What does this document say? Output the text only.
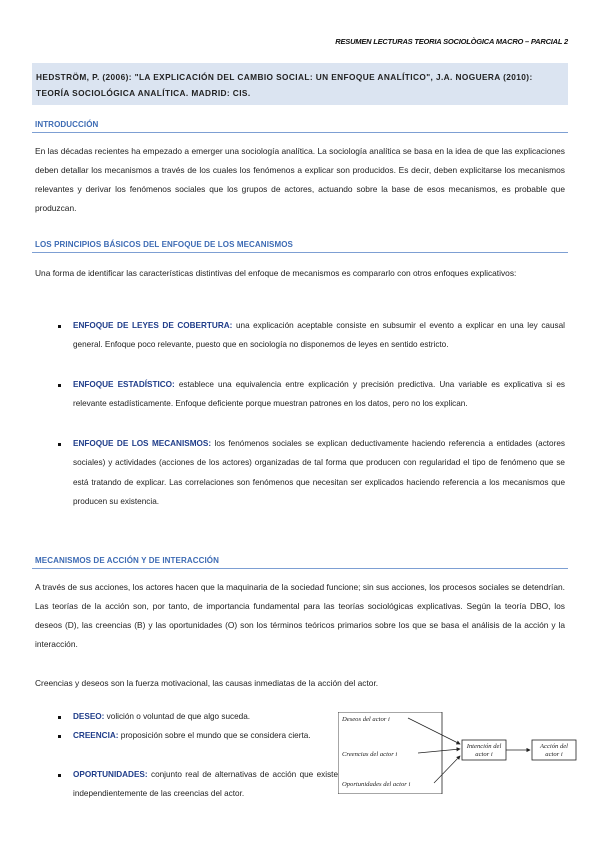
RESUMEN LECTURAS TEORIA SOCIOLÒGICA MACRO – PARCIAL 2
HEDSTRÖM, P. (2006): "LA EXPLICACIÓN DEL CAMBIO SOCIAL: UN ENFOQUE ANALÍTICO", J.A. NOGUERA (2010):
TEORÍA SOCIOLÓGICA ANALÍTICA. MADRID: CIS.
INTRODUCCIÓN

En las décadas recientes ha empezado a emerger una sociología analítica. La sociología analítica se basa en la idea de que las explicaciones deben detallar los mecanismos a través de los cuales los fenómenos a explicar son producidos. Es decir, deben explicitarse los mecanismos relevantes y derivar los fenómenos sociales que los grupos de actores, actuando sobre la base de esos mecanismos, es probable que produzcan.

LOS PRINCIPIOS BÁSICOS DEL ENFOQUE DE LOS MECANISMOS

Una forma de identificar las características distintivas del enfoque de mecanismos es compararlo con otros enfoques explicativos:

ENFOQUE DE LEYES DE COBERTURA: una explicación aceptable consiste en subsumir el evento a explicar en una ley causal general. Enfoque poco relevante, puesto que en sociología no disponemos de leyes en sentido estricto.
ENFOQUE ESTADÍSTICO: establece una equivalencia entre explicación y precisión predictiva. Una variable es explicativa si es relevante estadísticamente. Enfoque deficiente porque muestran patrones en los datos, pero no los explican.
ENFOQUE DE LOS MECANISMOS: los fenómenos sociales se explican deductivamente haciendo referencia a entidades (actores sociales) y actividades (acciones de los actores) organizadas de tal forma que producen con regularidad el tipo de fenómeno que se está tratando de explicar. Las correlaciones son fenómenos que necesitan ser explicados haciendo referencia a los mecanismos que producen su existencia.
MECANISMOS DE ACCIÓN Y DE INTERACCIÓN

A través de sus acciones, los actores hacen que la maquinaria de la sociedad funcione; sin sus acciones, los procesos sociales se detendrían. Las teorías de la acción son, por tanto, de importancia fundamental para las teorías sociológicas explicativas. Según la teoría DBO, los deseos (D), las creencias (B) y las oportunidades (O) son los términos teóricos primarios sobre los que se basa el análisis de la acción y la interacción.

Creencias y deseos son la fuerza motivacional, las causas inmediatas de la acción del actor.

DESEO: volición o voluntad de que algo suceda.
CREENCIA: proposición sobre el mundo que se considera cierta.
OPORTUNIDADES: conjunto real de alternativas de acción que existe independientemente de las creencias del actor.
Deseos del actor i
Creencias del actor i
Oportunidades del actor i
Intención del
actor i
Acción del
actor i
